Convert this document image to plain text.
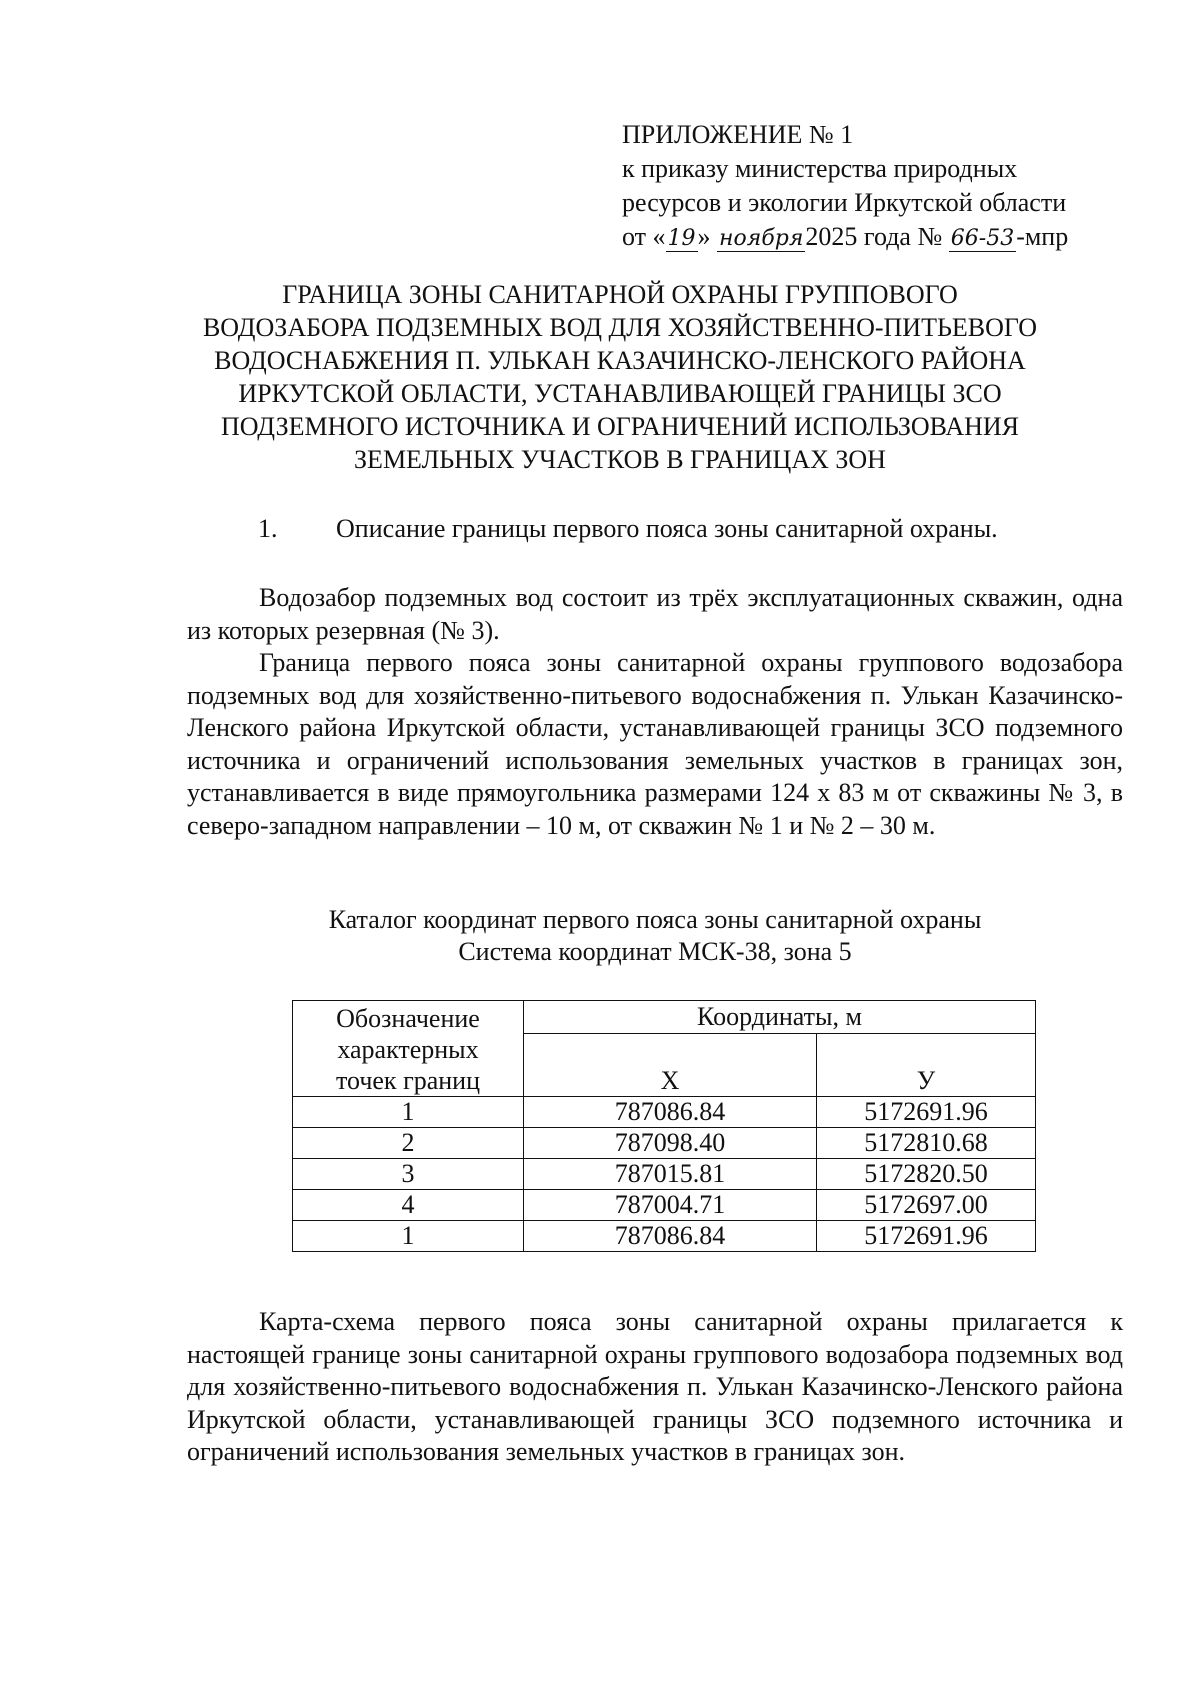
ПРИЛОЖЕНИЕ № 1
к приказу министерства природных
ресурсов и экологии Иркутской области
от «19» ноября2025 года № 66-53-мпр
ГРАНИЦА ЗОНЫ САНИТАРНОЙ ОХРАНЫ ГРУППОВОГО
ВОДОЗАБОРА ПОДЗЕМНЫХ ВОД ДЛЯ ХОЗЯЙСТВЕННО-ПИТЬЕВОГО
ВОДОСНАБЖЕНИЯ П. УЛЬКАН КАЗАЧИНСКО-ЛЕНСКОГО РАЙОНА
ИРКУТСКОЙ ОБЛАСТИ, УСТАНАВЛИВАЮЩЕЙ ГРАНИЦЫ ЗСО
ПОДЗЕМНОГО ИСТОЧНИКА И ОГРАНИЧЕНИЙ ИСПОЛЬЗОВАНИЯ
ЗЕМЕЛЬНЫХ УЧАСТКОВ В ГРАНИЦАХ ЗОН
1. Описание границы первого пояса зоны санитарной охраны.

Водозабор подземных вод состоит из трёх эксплуатационных скважин, одна из которых резервная (№ 3).

Граница первого пояса зоны санитарной охраны группового водозабора подземных вод для хозяйственно-питьевого водоснабжения п. Улькан Казачинско-Ленского района Иркутской области, устанавливающей границы ЗСО подземного источника и ограничений использования земельных участков в границах зон, устанавливается в виде прямоугольника размерами 124 х 83 м от скважины № 3, в северо-западном направлении – 10 м, от скважин № 1 и № 2 – 30 м.

Каталог координат первого пояса зоны санитарной охраны
Система координат МСК-38, зона 5
Обозначение
характерных
точек границ	Координаты, м	
	Х	У
1	787086.84	5172691.96
2	787098.40	5172810.68
3	787015.81	5172820.50
4	787004.71	5172697.00
1	787086.84	5172691.96

Карта-схема первого пояса зоны санитарной охраны прилагается к настоящей границе зоны санитарной охраны группового водозабора подземных вод для хозяйственно-питьевого водоснабжения п. Улькан Казачинско-Ленского района Иркутской области, устанавливающей границы ЗСО подземного источника и ограничений использования земельных участков в границах зон.
